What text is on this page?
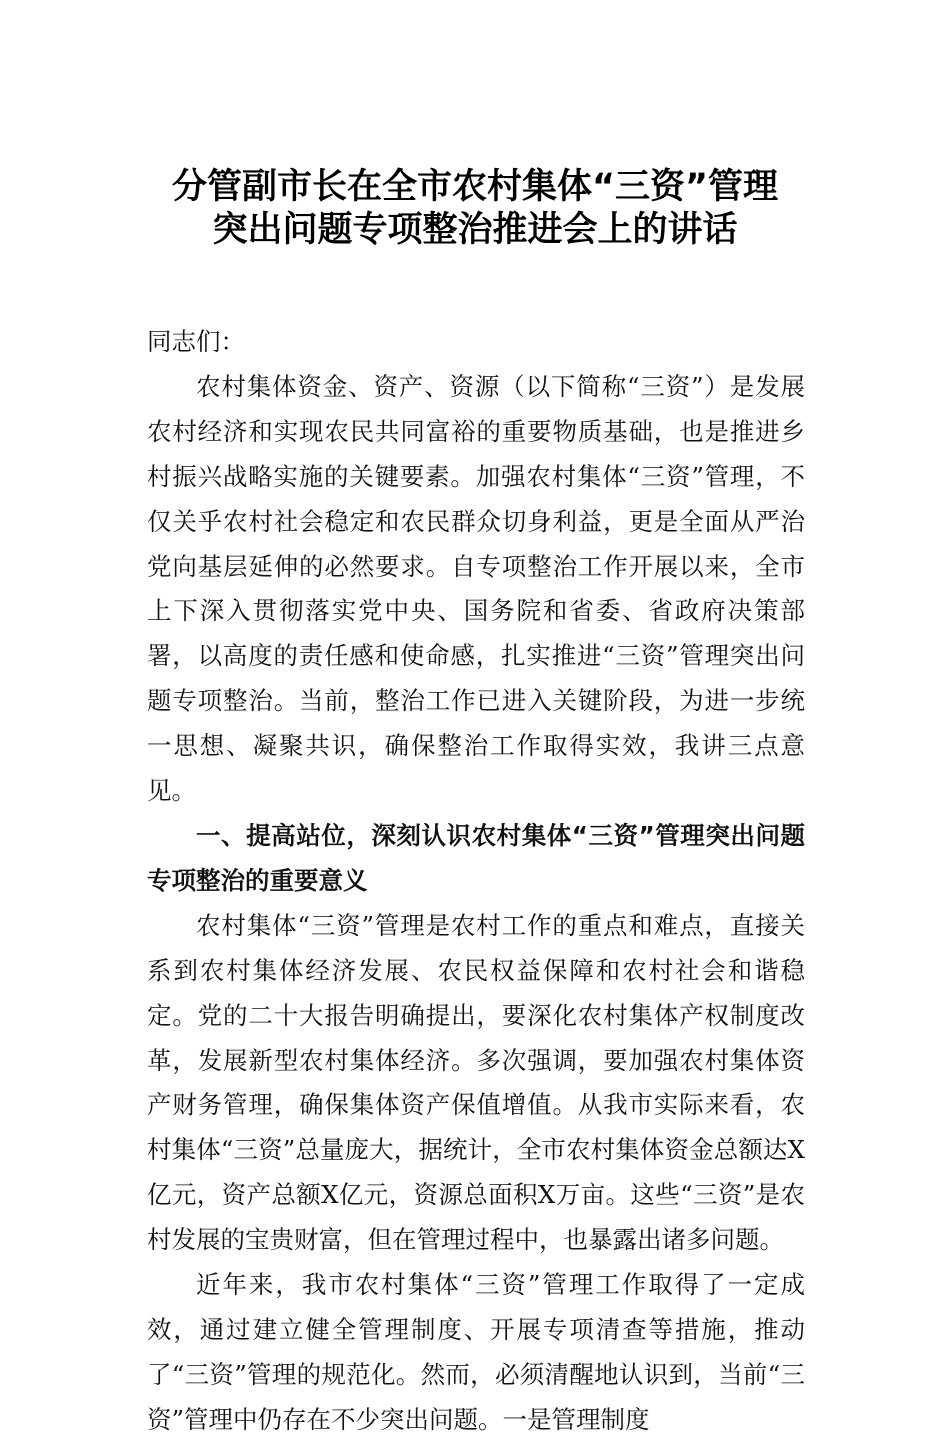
分管副市长在全市农村集体“三资”管理
突出问题专项整治推进会上的讲话

同志们：

农村集体资金、资产、资源（以下简称“三资”）是发展农村经济和实现农民共同富裕的重要物质基础，也是推进乡村振兴战略实施的关键要素。加强农村集体“三资”管理，不仅关乎农村社会稳定和农民群众切身利益，更是全面从严治党向基层延伸的必然要求。自专项整治工作开展以来，全市上下深入贯彻落实党中央、国务院和省委、省政府决策部署，以高度的责任感和使命感，扎实推进“三资”管理突出问题专项整治。当前，整治工作已进入关键阶段，为进一步统一思想、凝聚共识，确保整治工作取得实效，我讲三点意见。

一、提高站位，深刻认识农村集体“三资”管理突出问题专项整治的重要意义

农村集体“三资”管理是农村工作的重点和难点，直接关系到农村集体经济发展、农民权益保障和农村社会和谐稳定。党的二十大报告明确提出，要深化农村集体产权制度改革，发展新型农村集体经济。多次强调，要加强农村集体资产财务管理，确保集体资产保值增值。从我市实际来看，农村集体“三资”总量庞大，据统计，全市农村集体资金总额达X亿元，资产总额X亿元，资源总面积X万亩。这些“三资”是农村发展的宝贵财富，但在管理过程中，也暴露出诸多问题。

近年来，我市农村集体“三资”管理工作取得了一定成效，通过建立健全管理制度、开展专项清查等措施，推动了“三资”管理的规范化。然而，必须清醒地认识到，当前“三资”管理中仍存在不少突出问题。一是管理制度
